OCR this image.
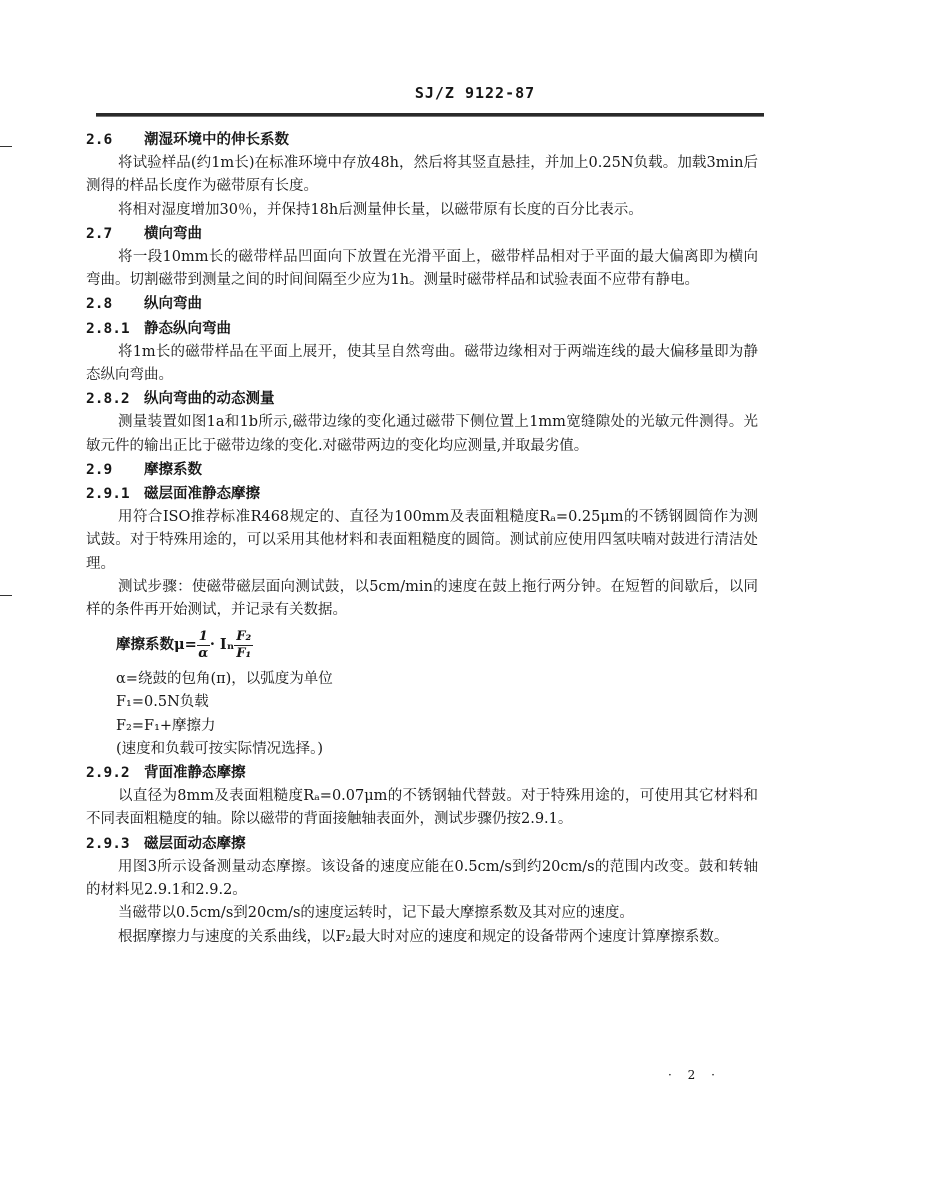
SJ/Z 9122-87

2.6 潮湿环境中的伸长系数

将试验样品(约1m长)在标准环境中存放48h，然后将其竖直悬挂，并加上0.25N负载。加载3min后测得的样品长度作为磁带原有长度。

将相对湿度增加30％，并保持18h后测量伸长量，以磁带原有长度的百分比表示。

2.7 横向弯曲

将一段10mm长的磁带样品凹面向下放置在光滑平面上，磁带样品相对于平面的最大偏离即为横向弯曲。切割磁带到测量之间的时间间隔至少应为1h。测量时磁带样品和试验表面不应带有静电。

2.8 纵向弯曲

2.8.1 静态纵向弯曲

将1m长的磁带样品在平面上展开，使其呈自然弯曲。磁带边缘相对于两端连线的最大偏移量即为静态纵向弯曲。

2.8.2 纵向弯曲的动态测量

测量装置如图1a和1b所示,磁带边缘的变化通过磁带下侧位置上1mm宽缝隙处的光敏元件测得。光敏元件的输出正比于磁带边缘的变化.对磁带两边的变化均应测量,并取最劣值。

2.9 摩擦系数

2.9.1 磁层面准静态摩擦

用符合ISO推荐标准R468规定的、直径为100mm及表面粗糙度Rₐ=0.25μm的不锈钢圆筒作为测试鼓。对于特殊用途的，可以采用其他材料和表面粗糙度的圆筒。测试前应使用四氢呋喃对鼓进行清洁处理。

测试步骤：使磁带磁层面向测试鼓，以5cm/min的速度在鼓上拖行两分钟。在短暂的间歇后，以同样的条件再开始测试，并记录有关数据。

摩擦系数$\mu= \frac{1}{\alpha} \cdot I_n \frac{\text{F₂}}{\text{F₁}}$

α=绕鼓的包角(π)，以弧度为单位

F₁=0.5N负载

F₂=F₁+摩擦力

(速度和负载可按实际情况选择。)

2.9.2 背面准静态摩擦

以直径为8mm及表面粗糙度Rₐ=0.07μm的不锈钢轴代替鼓。对于特殊用途的，可使用其它材料和不同表面粗糙度的轴。除以磁带的背面接触轴表面外，测试步骤仍按2.9.1。

2.9.3 磁层面动态摩擦

用图3所示设备测量动态摩擦。该设备的速度应能在0.5cm/s到约20cm/s的范围内改变。鼓和转轴的材料见2.9.1和2.9.2。

当磁带以0.5cm/s到20cm/s的速度运转时，记下最大摩擦系数及其对应的速度。

根据摩擦力与速度的关系曲线，以F₂最大时对应的速度和规定的设备带两个速度计算摩擦系数。

· 2 ·
